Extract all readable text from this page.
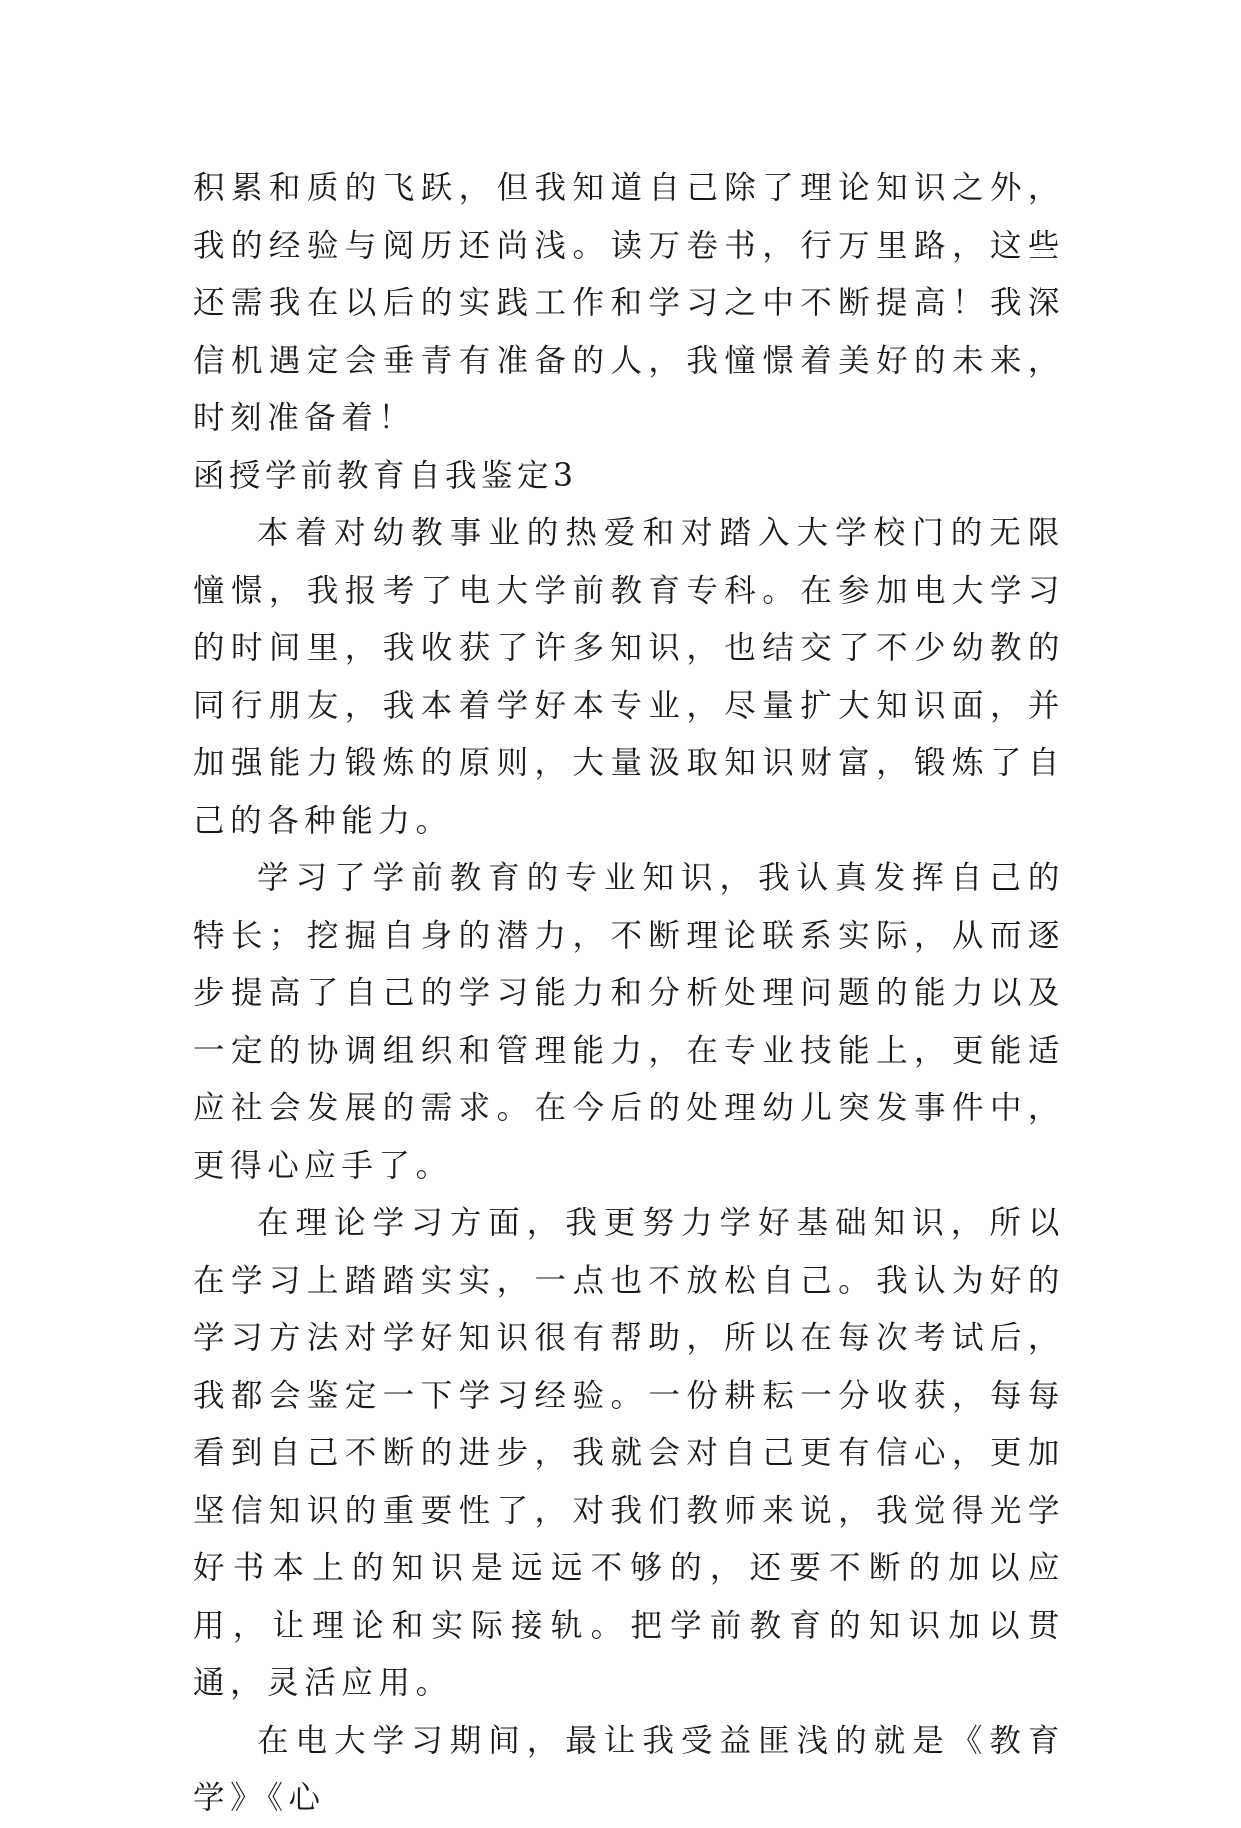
积累和质的飞跃，但我知道自己除了理论知识之外，我的经验与阅历还尚浅。读万卷书，行万里路，这些还需我在以后的实践工作和学习之中不断提高！我深信机遇定会垂青有准备的人，我憧憬着美好的未来，时刻准备着！

函授学前教育自我鉴定3

本着对幼教事业的热爱和对踏入大学校门的无限憧憬，我报考了电大学前教育专科。在参加电大学习的时间里，我收获了许多知识，也结交了不少幼教的同行朋友，我本着学好本专业，尽量扩大知识面，并加强能力锻炼的原则，大量汲取知识财富，锻炼了自己的各种能力。

学习了学前教育的专业知识，我认真发挥自己的特长；挖掘自身的潜力，不断理论联系实际，从而逐步提高了自己的学习能力和分析处理问题的能力以及一定的协调组织和管理能力，在专业技能上，更能适应社会发展的需求。在今后的处理幼儿突发事件中，更得心应手了。

在理论学习方面，我更努力学好基础知识，所以在学习上踏踏实实，一点也不放松自己。我认为好的学习方法对学好知识很有帮助，所以在每次考试后，我都会鉴定一下学习经验。一份耕耘一分收获，每每看到自己不断的进步，我就会对自己更有信心，更加坚信知识的重要性了，对我们教师来说，我觉得光学好书本上的知识是远远不够的，还要不断的加以应用，让理论和实际接轨。把学前教育的知识加以贯通，灵活应用。

在电大学习期间，最让我受益匪浅的就是《教育学》《心
